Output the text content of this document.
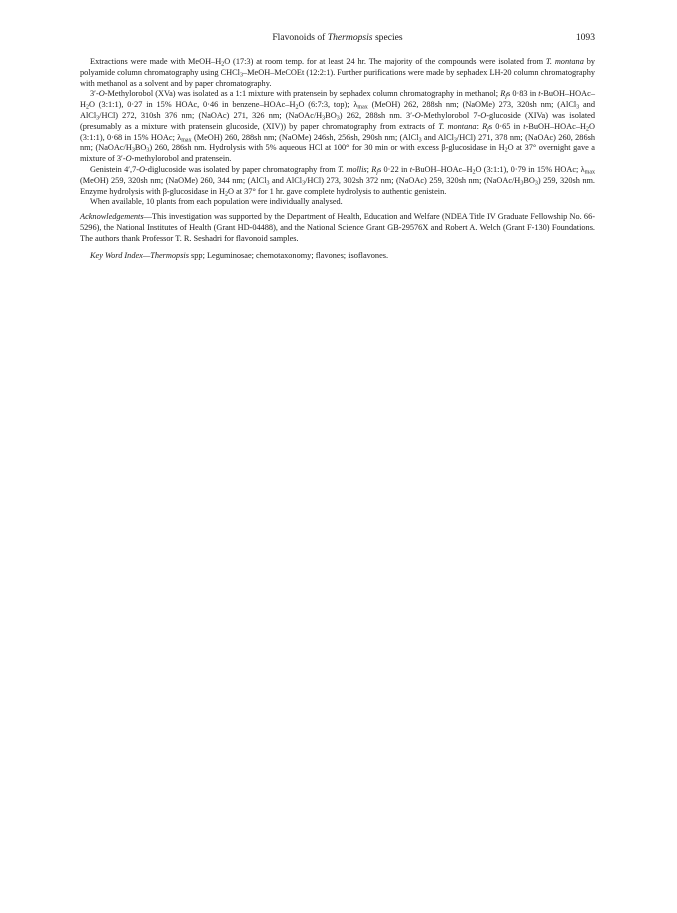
Flavonoids of Thermopsis species	1093

Extractions were made with MeOH–$H_2O$ (17:3) at room temp. for at least 24 hr. The majority of the compounds were isolated from T. montana by polyamide column chromatography using CHCl$_3$–MeOH–MeCOEt (12:2:1). Further purifications were made by sephadex LH-20 column chromatography with methanol as a solvent and by paper chromatography.

3′-O-Methylorobol (XVa) was isolated as a 1:1 mixture with pratensein by sephadex column chromatography in methanol; $R_fs$ 0·83 in $t-BuOH-HOAc-H_2O$ (3:1:1), 0·27 in 15% HOAc, 0·46 in benzene–$HOAc-H_2O$ (6:7:3, top); $\lambda_{max}$ (MeOH) 262, 288sh nm; (NaOMe) 273, 320sh nm; (AlCl$_3$ and AlCl$_3$/HCl) 272, 310sh 376 nm; (NaOAc) 271, 326 nm; $(NaOAc/H_3BO_3)$ 262, 288sh nm. 3′-O-Methylorobol 7-O-glucoside (XIVa) was isolated (presumably as a mixture with pratensein glucoside, (XIV)) by paper chromatography from extracts of T. montana: $R_fs$ 0·65 in $t-BuOH-HOAc-H_2O$ (3:1:1), 0·68 in 15% HOAc; $\lambda_{max}$ (MeOH) 260, 288sh nm; (NaOMe) 246sh, 256sh, 290sh nm; (AlCl$_3$ and AlCl$_3$/HCl) 271, 378 nm; (NaOAc) 260, 286sh nm; $(NaOAc/H_3BO_3)$ 260, 286sh nm. Hydrolysis with 5% aqueous HCl at 100° for 30 min or with excess β-glucosidase in $H_2O$ at 37° overnight gave a mixture of 3′-O-methylorobol and pratensein.

Genistein 4′,7-O-diglucoside was isolated by paper chromatography from T. mollis; $R_fs$ 0·22 in $t-BuOH-HOAc-H_2O$ (3:1:1), 0·79 in 15% HOAc; $\lambda_{max}$ (MeOH) 259, 320sh nm; (NaOMe) 260, 344 nm; (AlCl$_3$ and AlCl$_3$/HCl) 273, 302sh 372 nm; (NaOAc) 259, 320sh nm; $(NaOAc/H_3BO_3)$ 259, 320sh nm. Enzyme hydrolysis with β-glucosidase in $H_2O$ at 37° for 1 hr. gave complete hydrolysis to authentic genistein.

When available, 10 plants from each population were individually analysed.

Acknowledgements—This investigation was supported by the Department of Health, Education and Welfare (NDEA Title IV Graduate Fellowship No. 66-5296), the National Institutes of Health (Grant HD-04488), and the National Science Grant GB-29576X and Robert A. Welch (Grant F-130) Foundations. The authors thank Professor T. R. Seshadri for flavonoid samples.

Key Word Index—Thermopsis spp; Leguminosae; chemotaxonomy; flavones; isoflavones.
